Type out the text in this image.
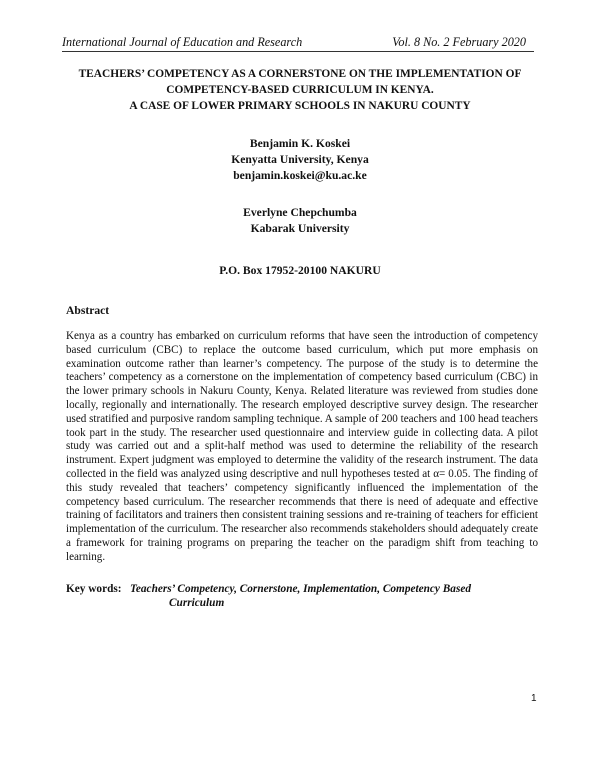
International Journal of Education and Research	Vol. 8 No. 2 February 2020
TEACHERS’ COMPETENCY AS A CORNERSTONE ON THE IMPLEMENTATION OF
COMPETENCY-BASED CURRICULUM IN KENYA.
A CASE OF LOWER PRIMARY SCHOOLS IN NAKURU COUNTY
Benjamin K. Koskei
Kenyatta University, Kenya
benjamin.koskei@ku.ac.ke
Everlyne Chepchumba
Kabarak University
P.O. Box 17952-20100 NAKURU
Abstract
Kenya as a country has embarked on curriculum reforms that have seen the introduction of competency based curriculum (CBC) to replace the outcome based curriculum, which put more emphasis on examination outcome rather than learner’s competency. The purpose of the study is to determine the teachers’ competency as a cornerstone on the implementation of competency based curriculum (CBC) in the lower primary schools in Nakuru County, Kenya. Related literature was reviewed from studies done locally, regionally and internationally. The research employed descriptive survey design. The researcher used stratified and purposive random sampling technique. A sample of 200 teachers and 100 head teachers took part in the study. The researcher used questionnaire and interview guide in collecting data. A pilot study was carried out and a split-half method was used to determine the reliability of the research instrument. Expert judgment was employed to determine the validity of the research instrument. The data collected in the field was analyzed using descriptive and null hypotheses tested at α= 0.05. The finding of this study revealed that teachers’ competency significantly influenced the implementation of the competency based curriculum. The researcher recommends that there is need of adequate and effective training of facilitators and trainers then consistent training sessions and re-training of teachers for efficient implementation of the curriculum. The researcher also recommends stakeholders should adequately create a framework for training programs on preparing the teacher on the paradigm shift from teaching to learning.
Key words: Teachers’ Competency, Cornerstone, Implementation, Competency Based
Curriculum
1
